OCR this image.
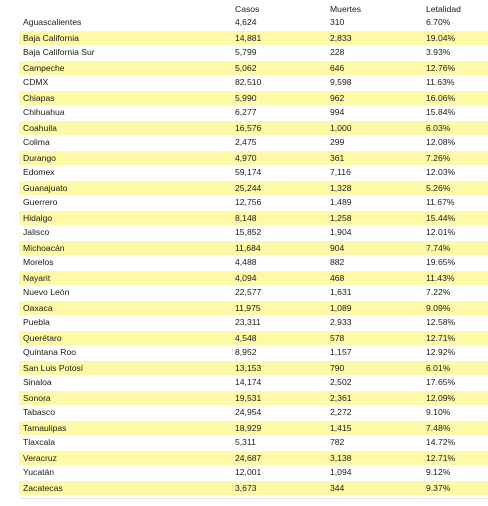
	Casos	Muertes	Letalidad
Aguascalientes	4,624	310	6.70%
Baja California	14,881	2,833	19.04%
Baja California Sur	5,799	228	3.93%
Campeche	5,062	646	12.76%
CDMX	82,510	9,598	11.63%
Chiapas	5,990	962	16.06%
Chihuahua	6,277	994	15.84%
Coahuila	16,576	1,000	6.03%
Colima	2,475	299	12.08%
Durango	4,970	361	7.26%
Edomex	59,174	7,116	12.03%
Guanajuato	25,244	1,328	5.26%
Guerrero	12,756	1,489	11.67%
Hidalgo	8,148	1,258	15.44%
Jalisco	15,852	1,904	12.01%
Michoacán	11,684	904	7.74%
Morelos	4,488	882	19.65%
Nayarit	4,094	468	11.43%
Nuevo León	22,577	1,631	7.22%
Oaxaca	11,975	1,089	9.09%
Puebla	23,311	2,933	12.58%
Querétaro	4,548	578	12.71%
Quintana Roo	8,952	1,157	12.92%
San Luis Potosí	13,153	790	6.01%
Sinaloa	14,174	2,502	17.65%
Sonora	19,531	2,361	12.09%
Tabasco	24,954	2,272	9.10%
Tamaulipas	18,929	1,415	7.48%
Tlaxcala	5,311	782	14.72%
Veracruz	24,687	3,138	12.71%
Yucatán	12,001	1,094	9.12%
Zacatecas	3,673	344	9.37%
